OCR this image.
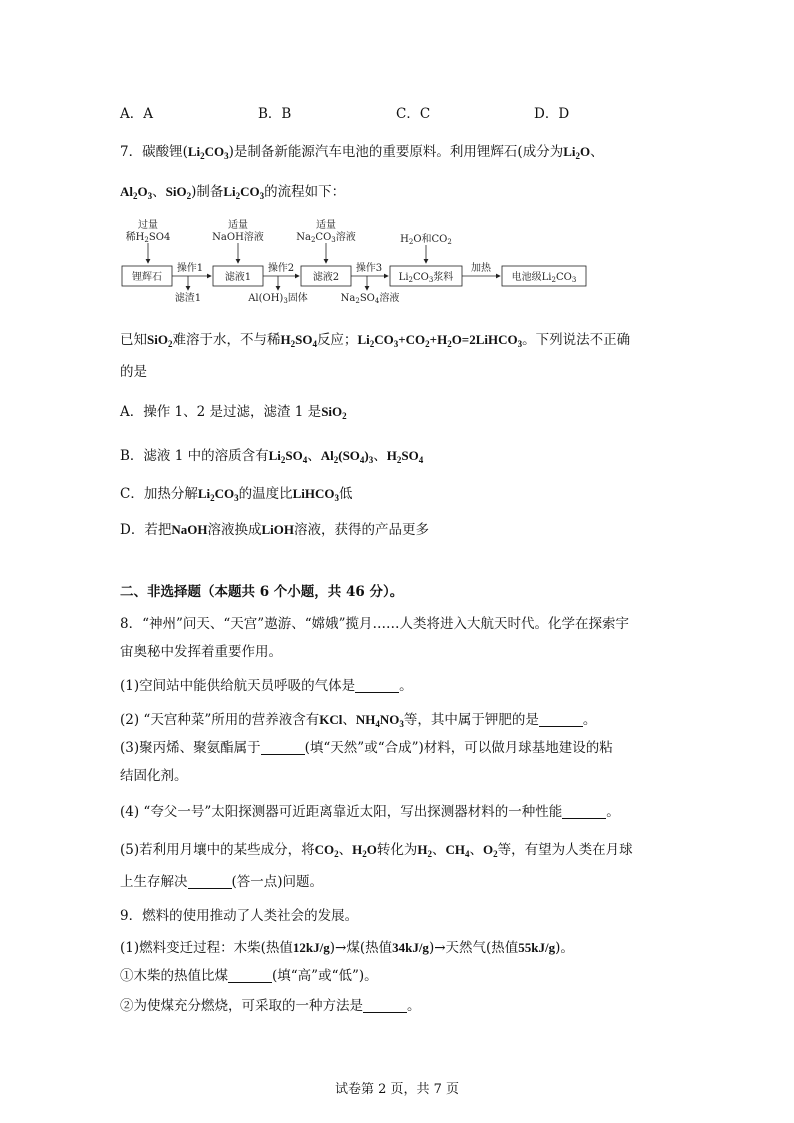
A．A	B．B	C．C	D．D
7．碳酸锂$(Li_2CO_3)$是制备新能源汽车电池的重要原料。利用锂辉石(成分为$Li_2O$、
$Al_2O_3$、SiO$_2$)制备$Li_2CO_3$的流程如下：
过量
稀$H_2SO4$
适量
NaOH溶液
适量
$Na_2CO_3$溶液	$H_2O$和$CO_2$
锂辉石	滤液1	滤液2	$Li_2CO_3$浆料	电池级$Li_2CO_3$
操作1	操作2	操作3	加热
滤渣1	$Al(OH)_3$固体	$Na_2SO_4$溶液
已知SiO$_2$难溶于水，不与稀$H_2SO_4$反应；$Li_2CO_3+CO_2+H_2O=2LiHCO_3$。下列说法不正确
的是
A．操作 1、2 是过滤，滤渣 1 是SiO$_2$
B．滤液 1 中的溶质含有$Li_2SO_4$、$Al_2(SO_4)_3$、$H_2SO_4$
C．加热分解$Li_2CO_3$的温度比LiHCO$_3$低
D．若把NaOH溶液换成LiOH溶液，获得的产品更多
二、非选择题（本题共 6 个小题，共 46 分）。
8．“神州”问天、“天宫”遨游、“嫦娥”揽月……人类将进入大航天时代。化学在探索宇
宙奥秘中发挥着重要作用。
(1)空间站中能供给航天员呼吸的气体是	。
(2) “天宫种菜”所用的营养液含有KCl、$NH_4NO_3$等，其中属于钾肥的是	。
(3)聚丙烯、聚氨酯属于	(填“天然”或“合成”)材料，可以做月球基地建设的粘
结固化剂。
(4) “夸父一号”太阳探测器可近距离靠近太阳，写出探测器材料的一种性能	。
(5)若利用月壤中的某些成分，将$CO_2$、$H_2O$转化为$H_2$、$CH_4$、$O_2$等，有望为人类在月球
上生存解决	(答一点)问题。
9．燃料的使用推动了人类社会的发展。
(1)燃料变迁过程：木柴(热值12kJ/g)→煤(热值34kJ/g)→天然气(热值55kJ/g)。
①木柴的热值比煤	(填“高”或“低”)。
②为使煤充分燃烧，可采取的一种方法是	。
试卷第 2 页，共 7 页
